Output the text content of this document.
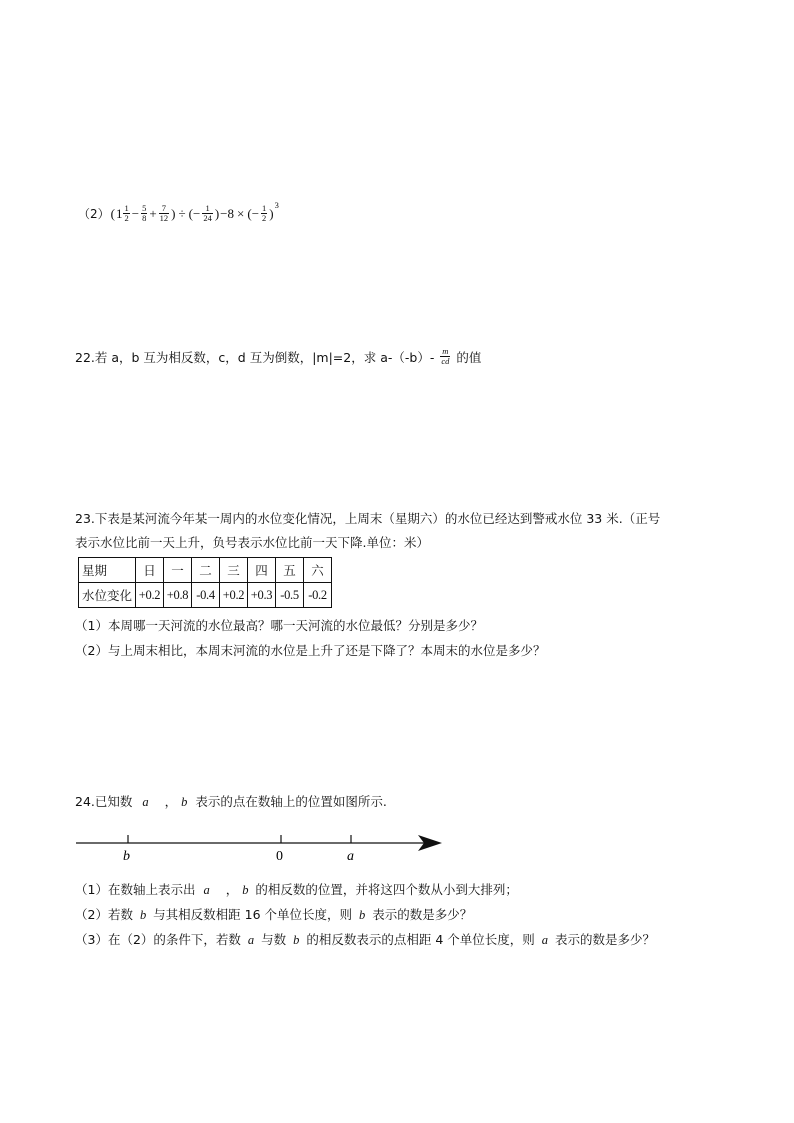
（2） ( $1 \frac{1}{2} - \frac{5}{8} + \frac{7}{12}$ ) ÷ (− $\frac{1}{24}$ ) −8 × (− $\frac{1}{2}$ )
3
22.若 a，b 互为相反数，c，d 互为倒数，|m|=2，求 $a-(-b)- \frac{m}{cd}$ 的值
23.下表是某河流今年某一周内的水位变化情况，上周末（星期六）的水位已经达到警戒水位 33 米.（正号
表示水位比前一天上升，负号表示水位比前一天下降.单位：米）
星期	日	一	二	三	四	五	六
水位变化	+0.2	+0.8	-0.4	+0.2	+0.3	-0.5	-0.2
（1）本周哪一天河流的水位最高？哪一天河流的水位最低？分别是多少？
（2）与上周末相比，本周末河流的水位是上升了还是下降了？本周末的水位是多少？
24.已知数 a ， b 表示的点在数轴上的位置如图所示.
b	0	a
（1）在数轴上表示出 a ， b 的相反数的位置，并将这四个数从小到大排列；
（2）若数 b 与其相反数相距 16 个单位长度，则 b 表示的数是多少？
（3）在（2）的条件下，若数 a 与数 b 的相反数表示的点相距 4 个单位长度，则 a 表示的数是多少？
